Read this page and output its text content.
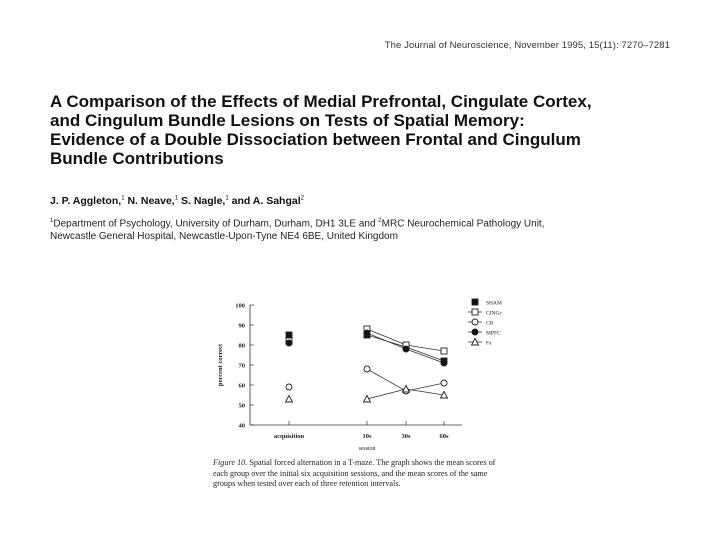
The Journal of Neuroscience, November 1995, 15(11): 7270–7281
A Comparison of the Effects of Medial Prefrontal, Cingulate Cortex,
and Cingulum Bundle Lesions on Tests of Spatial Memory:
Evidence of a Double Dissociation between Frontal and Cingulum
Bundle Contributions
J. P. Aggleton,$^1$ N. Neave,$^1$ S. Nagle,$^1$ and A. Sahgal$^2$
$^1$Department of Psychology, University of Durham, Durham, DH1 3LE and $^2$MRC Neurochemical Pathology Unit,
Newcastle General Hospital, Newcastle-Upon-Tyne NE4 6BE, United Kingdom
40
50
60
70
80
90
100
acquisition	10s	30s	60s
session
percent correct
SHAM
CINGc
CB
MPFC
Fx
Figure 10. Spatial forced alternation in a T-maze. The graph shows the mean scores of each group over the initial six acquisition sessions, and the mean scores of the same groups when tested over each of three retention intervals.
